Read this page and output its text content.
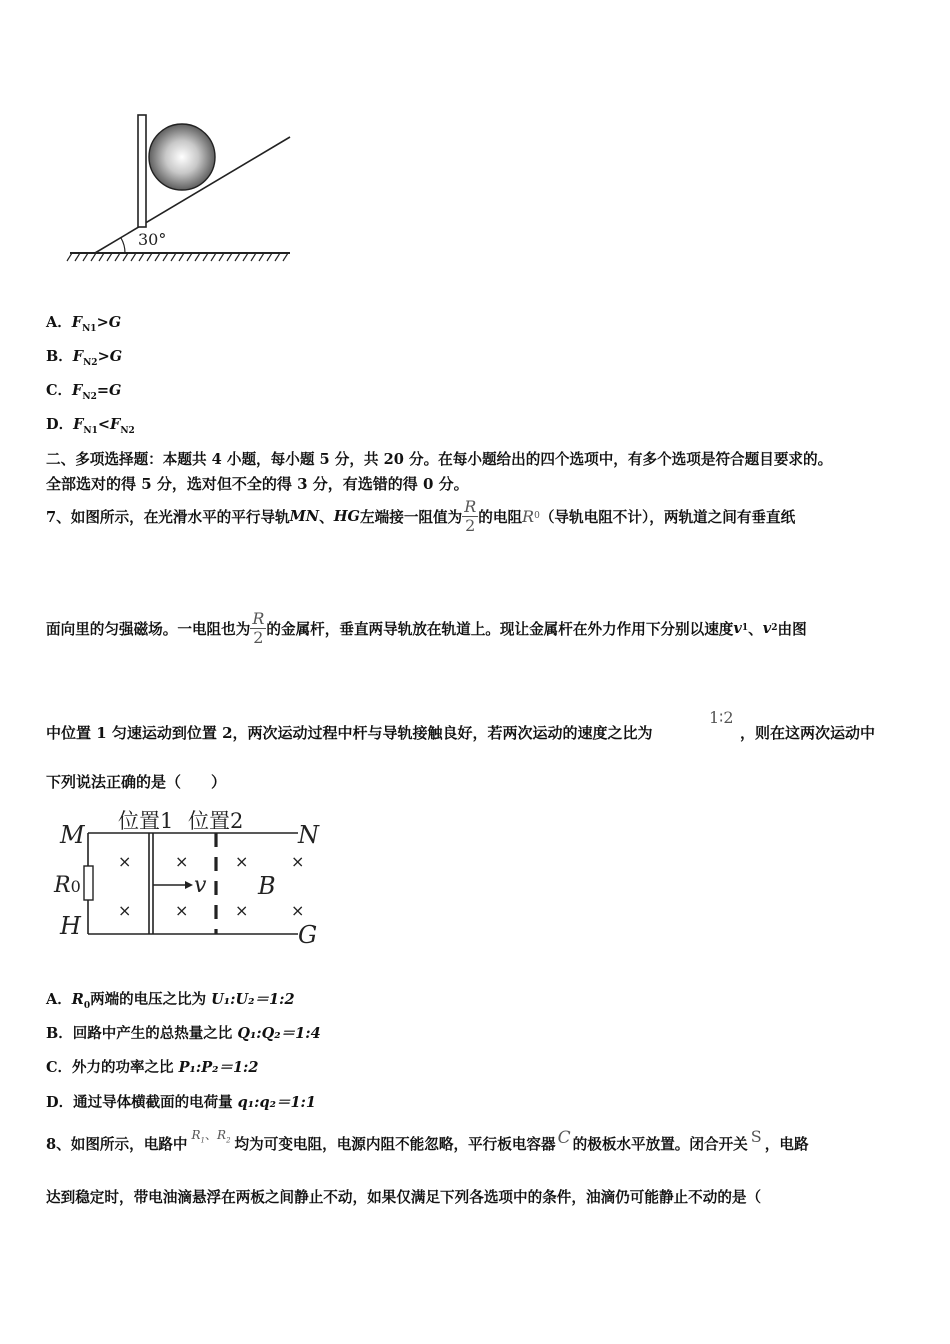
30°
A．$F_{N1}>G$
B．$F_{N2}>G$
C．$F_{N2}=G$
D．$F_{N1}<F_{N2}$
二、多项选择题：本题共 4 小题，每小题 5 分，共 20 分。在每小题给出的四个选项中，有多个选项是符合题目要求的。
全部选对的得 5 分，选对但不全的得 3 分，有选错的得 0 分。
7、如图所示，在光滑水平的平行导轨 MN 、 HG 左端接一阻值为 $\frac{R}{2}$ 的电阻 R 0 （导轨电阻不计），两轨道之间有垂直纸
面向里的匀强磁场。一电阻也为 $\frac{R}{2}$ 的金属杆，垂直两导轨放在轨道上。现让金属杆在外力作用下分别以速度 v 1 、 v 2 由图
中位置 1 匀速运动到位置 2，两次运动过程中杆与导轨接触良好，若两次运动的速度之比为
1∶2
，则在这两次运动中
下列说法正确的是（　　）
位置1 位置2
M	N
H	G
R0	v B
×
×
×
×
×
×
×
×
A．$R_0$两端的电压之比为 U₁:U₂＝1:2
B．回路中产生的总热量之比 Q₁:Q₂＝1:4
C．外力的功率之比 P₁:P₂＝1:2
D．通过导体横截面的电荷量 q₁:q₂＝1:1
8、如图所示，电路中
$R_1$、$R_2$ 均为可变电阻，电源内阻不能忽略，平行板电容器 C 的极板水平放置。闭合开关 S ，电路
达到稳定时，带电油滴悬浮在两板之间静止不动，如果仅满足下列各选项中的条件，油滴仍可能静止不动的是（
